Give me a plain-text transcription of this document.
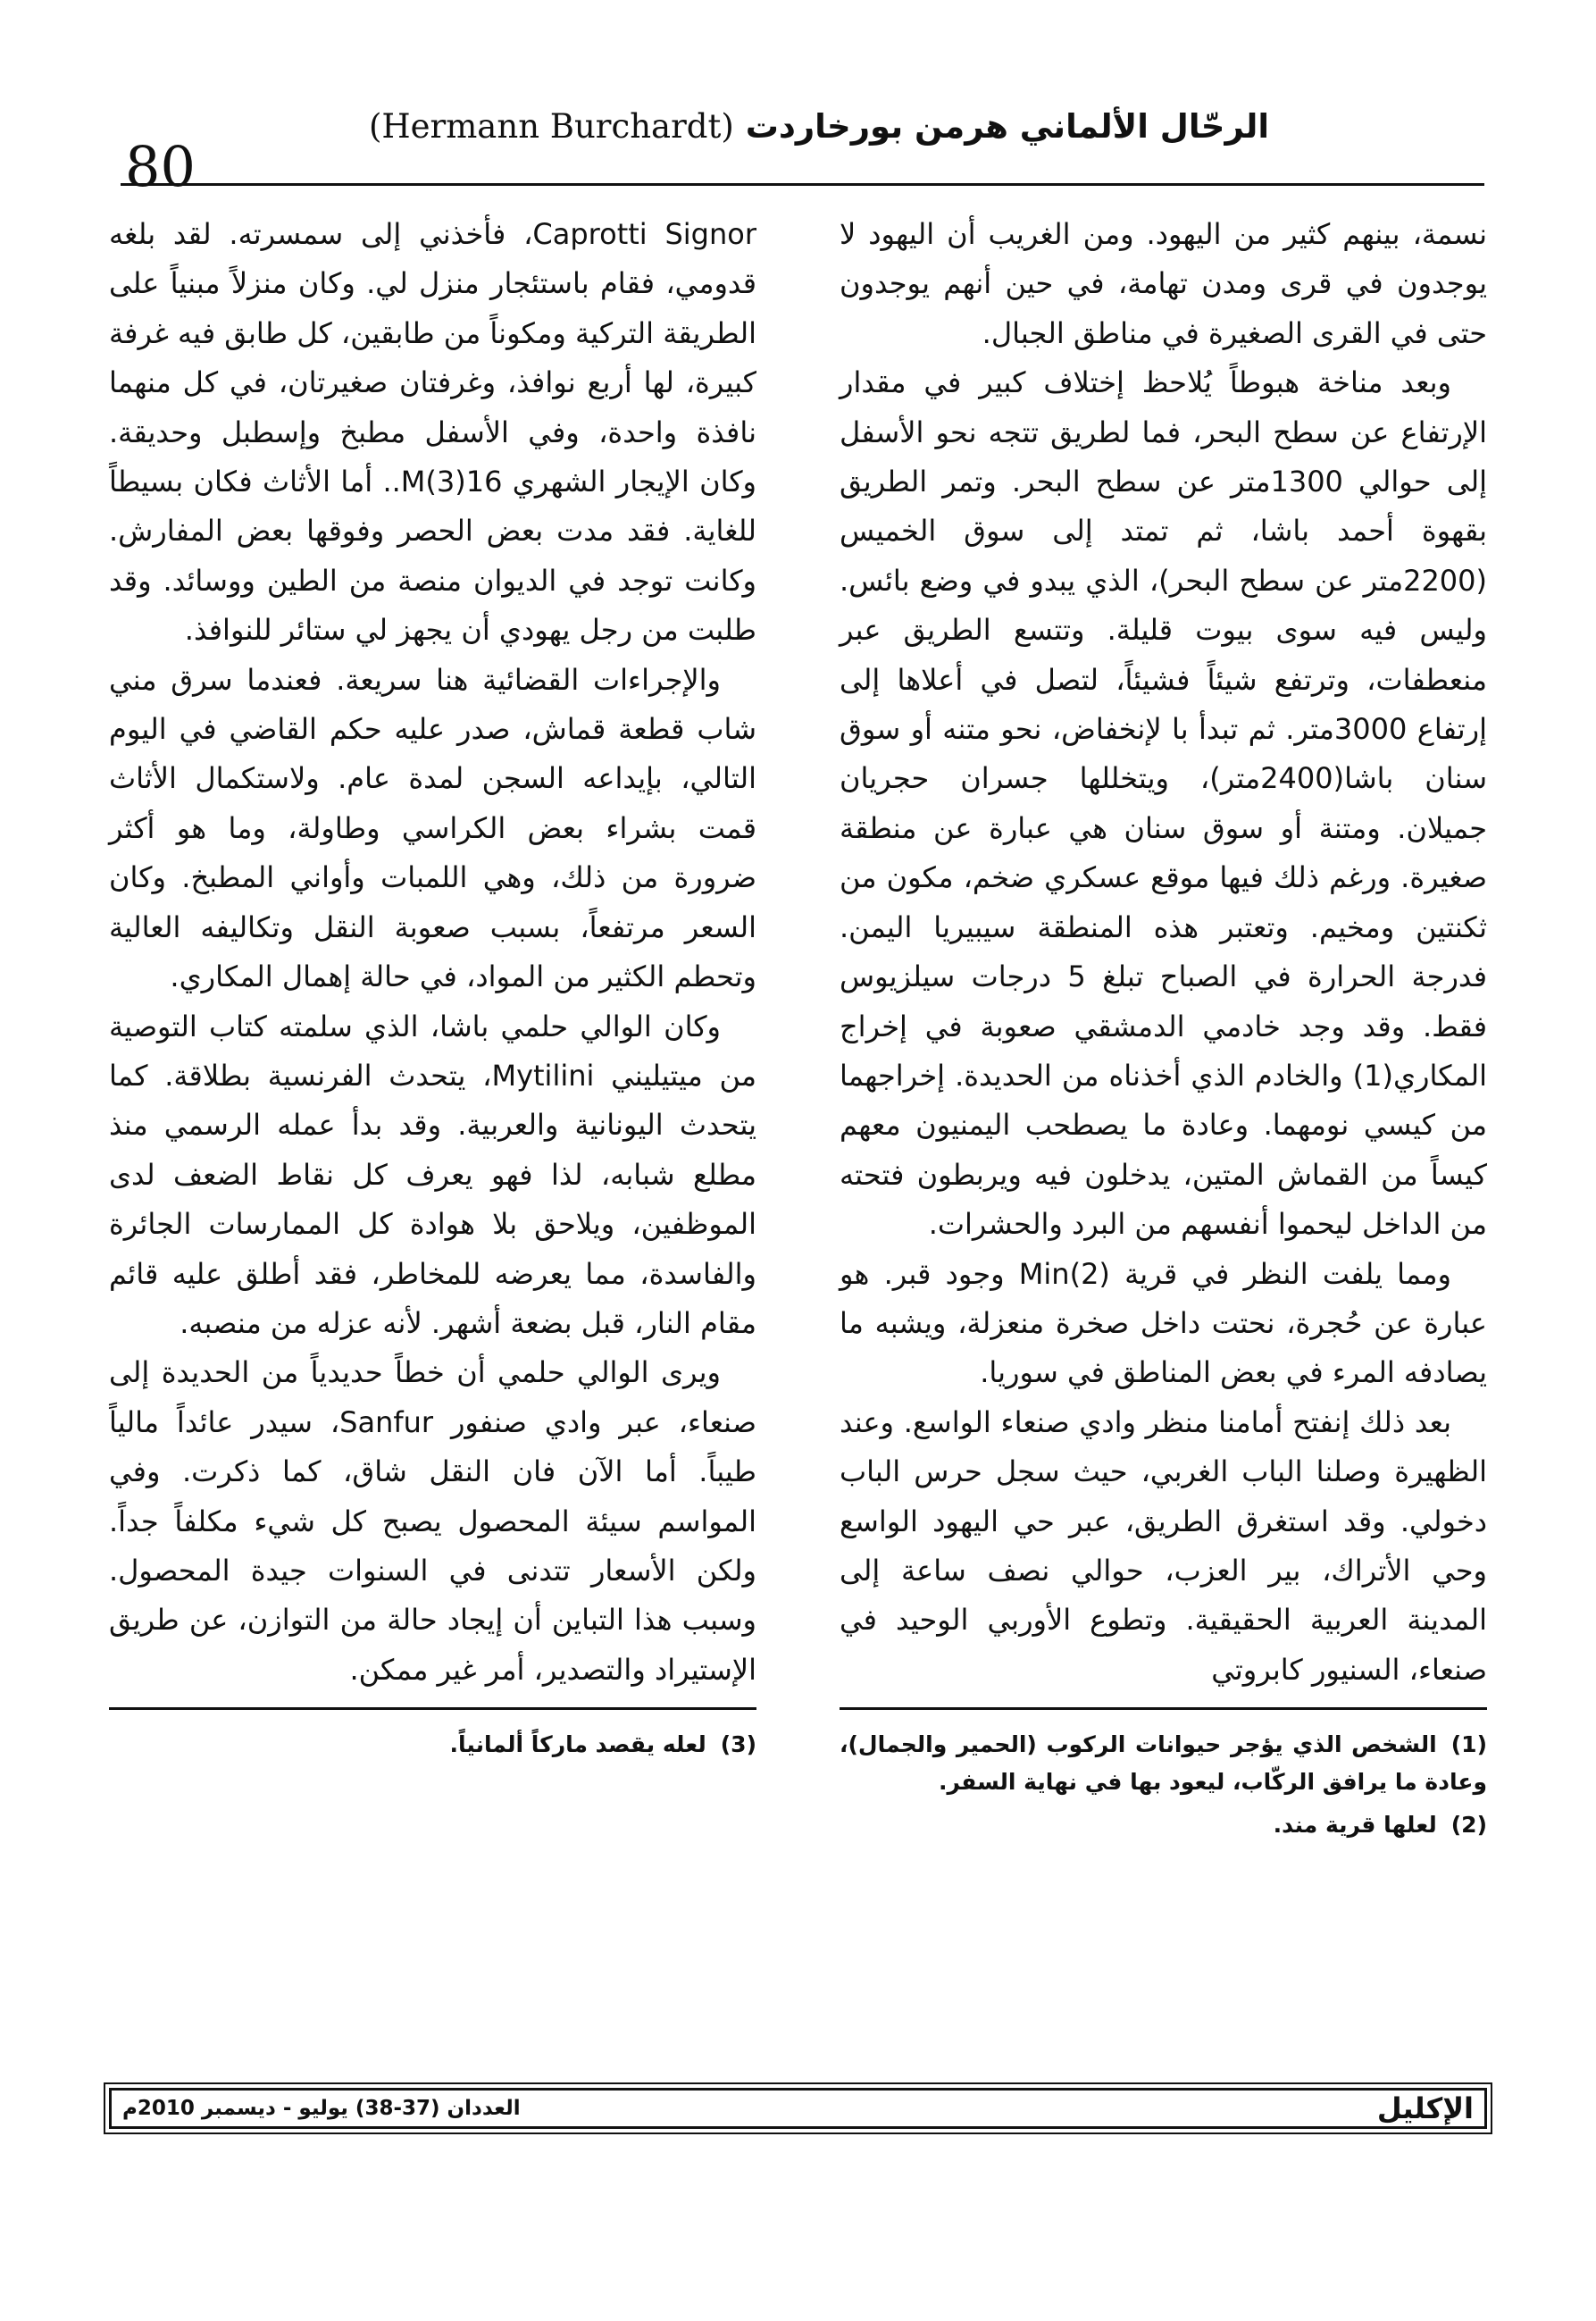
80
الرحّال الألماني هرمن بورخاردت (Hermann Burchardt)

نسمة، بينهم كثير من اليهود. ومن الغريب أن اليهود لا يوجدون في قرى ومدن تهامة، في حين أنهم يوجدون حتى في القرى الصغيرة في مناطق الجبال.

وبعد مناخة هبوطاً يُلاحظ إختلاف كبير في مقدار الإرتفاع عن سطح البحر، فما لطريق تتجه نحو الأسفل إلى حوالي 1300متر عن سطح البحر. وتمر الطريق بقهوة أحمد باشا، ثم تمتد إلى سوق الخميس (2200متر عن سطح البحر)، الذي يبدو في وضع بائس. وليس فيه سوى بيوت قليلة. وتتسع الطريق عبر منعطفات، وترتفع شيئاً فشيئاً، لتصل في أعلاها إلى إرتفاع 3000متر. ثم تبدأ با لإنخفاض، نحو متنه أو سوق سنان باشا(2400متر)، ويتخللها جسران حجريان جميلان. ومتنة أو سوق سنان هي عبارة عن منطقة صغيرة. ورغم ذلك فيها موقع عسكري ضخم، مكون من ثكنتين ومخيم. وتعتبر هذه المنطقة سيبيريا اليمن. فدرجة الحرارة في الصباح تبلغ 5 درجات سيلزيوس فقط. وقد وجد خادمي الدمشقي صعوبة في إخراج المكاري(1) والخادم الذي أخذناه من الحديدة. إخراجهما من كيسي نومهما. وعادة ما يصطحب اليمنيون معهم كيساً من القماش المتين، يدخلون فيه ويربطون فتحته من الداخل ليحموا أنفسهم من البرد والحشرات.

ومما يلفت النظر في قرية Min(2) وجود قبر. هو عبارة عن حُجرة، نحتت داخل صخرة منعزلة، ويشبه ما يصادفه المرء في بعض المناطق في سوريا.

بعد ذلك إنفتح أمامنا منظر وادي صنعاء الواسع. وعند الظهيرة وصلنا الباب الغربي، حيث سجل حرس الباب دخولي. وقد استغرق الطريق، عبر حي اليهود الواسع وحي الأتراك، بير العزب، حوالي نصف ساعة إلى المدينة العربية الحقيقية. وتطوع الأوربي الوحيد في صنعاء، السنيور كابروتي

(1)الشخص الذي يؤجر حيوانات الركوب (الحمير والجمال)، وعادة ما يرافق الركّاب، ليعود بها في نهاية السفر.
(2)لعلها قرية مند.

Caprotti Signor، فأخذني إلى سمسرته. لقد بلغه قدومي، فقام باستئجار منزل لي. وكان منزلاً مبنياً على الطريقة التركية ومكوناً من طابقين، كل طابق فيه غرفة كبيرة، لها أربع نوافذ، وغرفتان صغيرتان، في كل منهما نافذة واحدة، وفي الأسفل مطبخ وإسطبل وحديقة. وكان الإيجار الشهري M(3)16.. أما الأثاث فكان بسيطاً للغاية. فقد مدت بعض الحصر وفوقها بعض المفارش. وكانت توجد في الديوان منصة من الطين ووسائد. وقد طلبت من رجل يهودي أن يجهز لي ستائر للنوافذ.

والإجراءات القضائية هنا سريعة. فعندما سرق مني شاب قطعة قماش، صدر عليه حكم القاضي في اليوم التالي، بإيداعه السجن لمدة عام. ولاستكمال الأثاث قمت بشراء بعض الكراسي وطاولة، وما هو أكثر ضرورة من ذلك، وهي اللمبات وأواني المطبخ. وكان السعر مرتفعاً، بسبب صعوبة النقل وتكاليفه العالية وتحطم الكثير من المواد، في حالة إهمال المكاري.

وكان الوالي حلمي باشا، الذي سلمته كتاب التوصية من ميتيليني Mytilini، يتحدث الفرنسية بطلاقة. كما يتحدث اليونانية والعربية. وقد بدأ عمله الرسمي منذ مطلع شبابه، لذا فهو يعرف كل نقاط الضعف لدى الموظفين، ويلاحق بلا هوادة كل الممارسات الجائرة والفاسدة، مما يعرضه للمخاطر، فقد أطلق عليه قائم مقام النار، قبل بضعة أشهر. لأنه عزله من منصبه.

ويرى الوالي حلمي أن خطاً حديدياً من الحديدة إلى صنعاء، عبر وادي صنفور Sanfur، سيدر عائداً مالياً طيباً. أما الآن فان النقل شاق، كما ذكرت. وفي المواسم سيئة المحصول يصبح كل شيء مكلفاً جداً. ولكن الأسعار تتدنى في السنوات جيدة المحصول. وسبب هذا التباين أن إيجاد حالة من التوازن، عن طريق الإستيراد والتصدير، أمر غير ممكن.

(3)لعله يقصد ماركاً ألمانياً.
الإكليل
العددان (37-38) يوليو - ديسمبر 2010م
